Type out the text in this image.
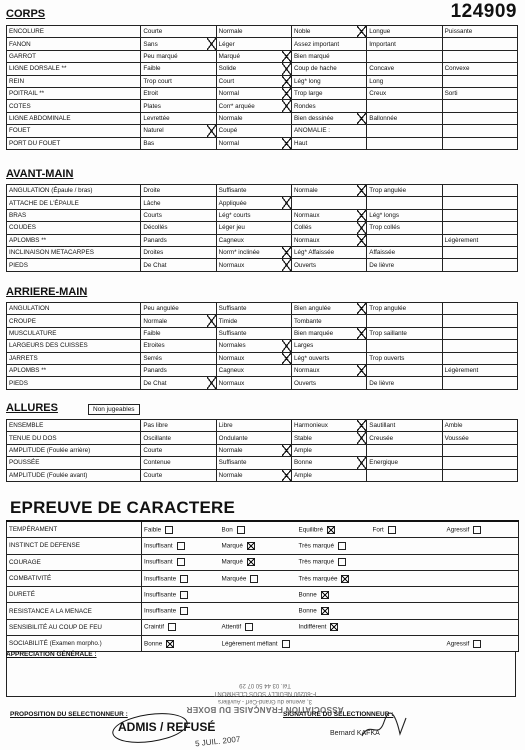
124909
CORPS
ENCOLURE	Courte	Normale	Noble	Longue	Puissante
FANON	Sans	Léger	Assez important	Important	
GARROT	Peu marqué	Marqué	Bien marqué		
LIGNE DORSALE **	Faible	Solide	Coup de hache	Concave	Convexe
REIN	Trop court	Court	Lég* long	Long	
POITRAIL **	Etroit	Normal	Trop large	Creux	Sorti
COTES	Plates	Corr* arquée	Rondes		
LIGNE ABDOMINALE	Levrettée	Normale	Bien dessinée	Ballonnée	
FOUET	Naturel	Coupé	ANOMALIE :		
PORT DU FOUET	Bas	Normal	Haut		
AVANT-MAIN
ANGULATION (Épaule / bras)	Droite	Suffisante	Normale	Trop angulée	
ATTACHE DE L'ÉPAULE	Lâche	Appliquée			
BRAS	Courts	Lég* courts	Normaux	Lég* longs	
COUDES	Décollés	Léger jeu	Collés	Trop collés	
APLOMBS **	Panards	Cagneux	Normaux		Légèrement
INCLINAISON METACARPES	Droites	Norm* inclinée	Lég* Affaissée	Affaissée	
PIEDS	De Chat	Normaux	Ouverts	De lièvre	
ARRIERE-MAIN
ANGULATION	Peu angulée	Suffisante	Bien angulée	Trop angulée	
CROUPE	Normale	Timide	Tombante		
MUSCULATURE	Faible	Suffisante	Bien marquée	Trop saillante	
LARGEURS DES CUISSES	Etroites	Normales	Larges		
JARRETS	Serrés	Normaux	Lég* ouverts	Trop ouverts	
APLOMBS **	Panards	Cagneux	Normaux		Légèrement
PIEDS	De Chat	Normaux	Ouverts	De lièvre	
ALLURES	Non jugeables
ENSEMBLE	Pas libre	Libre	Harmonieux	Sautillant	Amble
TENUE DU DOS	Oscillante	Ondulante	Stable	Creusée	Voussée
AMPLITUDE (Foulée arrière)	Courte	Normale	Ample		
POUSSÉE	Contenue	Suffisante	Bonne	Energique	
AMPLITUDE (Foulée avant)	Courte	Normale	Ample		
EPREUVE DE CARACTERE
TEMPÉRAMENT	Faible	Bon	Equilibré	Fort	Agressif
INSTINCT DE DEFENSE	Insuffisant	Marqué	Très marqué		
COURAGE	Insuffisant	Marqué	Très marqué		
COMBATIVITÉ	Insuffisante	Marquée	Très marquée		
DURETÉ	Insuffisante		Bonne		
RESISTANCE A LA MENACE	Insuffisante		Bonne		
SENSIBILITÉ AU COUP DE FEU	Craintif	Attentif	Indifférent		
SOCIABILITÉ (Examen morpho.)	Bonne	Légèrement méfiant			Agressif
APPRECIATION GÉNÉRALE :
ASSOCIATION FRANÇAISE DU BOXER
3, avenue du Grand-Cerf - Auvillers
F-60290 NEUILLY SOUS CLERMONT
Tél. 03 44 50 07 29
PROPOSITION DU SELECTIONNEUR :	SIGNATURE DU SELECTIONNEUR :
ADMIS / REFUSÉ
5 JUIL. 2007
Bernard KAFKA
